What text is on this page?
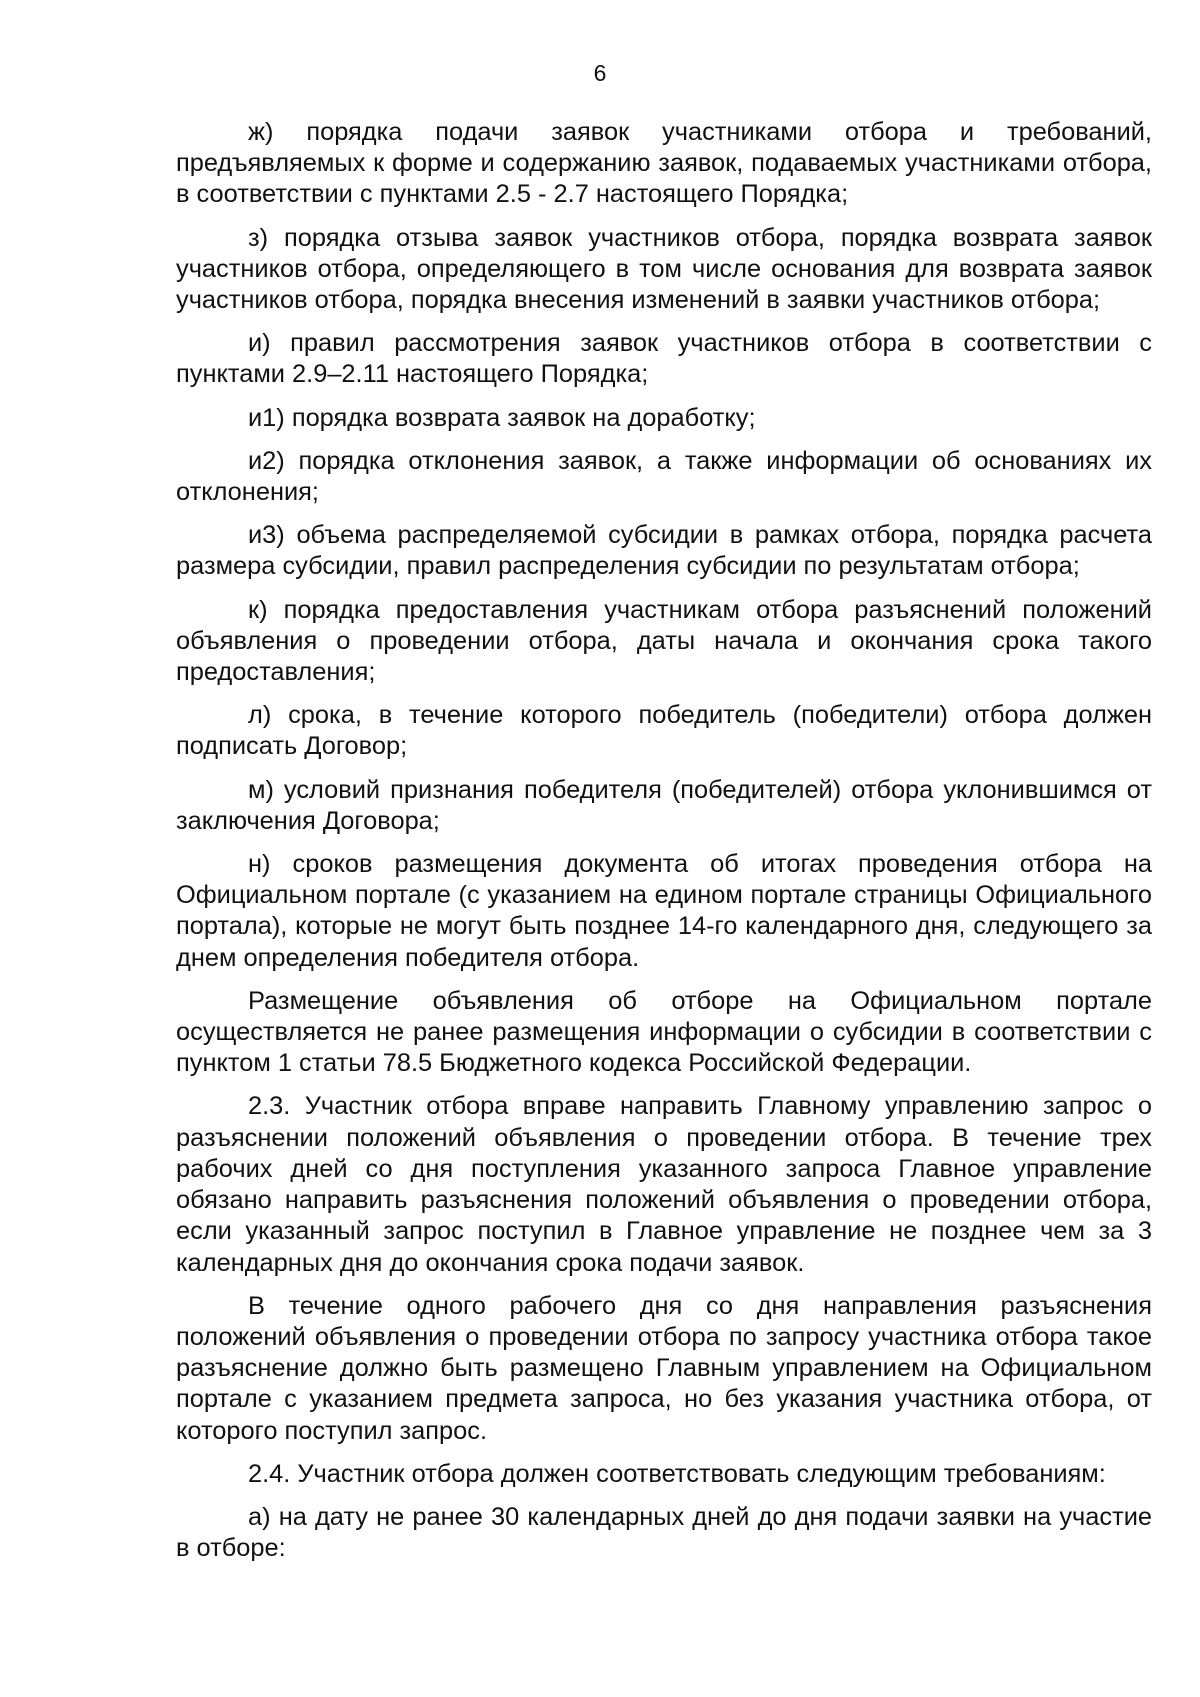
6

ж) порядка подачи заявок участниками отбора и требований, предъявляемых к форме и содержанию заявок, подаваемых участниками отбора, в соответствии с пунктами 2.5 - 2.7 настоящего Порядка;

з) порядка отзыва заявок участников отбора, порядка возврата заявок участников отбора, определяющего в том числе основания для возврата заявок участников отбора, порядка внесения изменений в заявки участников отбора;

и) правил рассмотрения заявок участников отбора в соответствии с пунктами 2.9–2.11 настоящего Порядка;

и1) порядка возврата заявок на доработку;

и2) порядка отклонения заявок, а также информации об основаниях их отклонения;

и3) объема распределяемой субсидии в рамках отбора, порядка расчета размера субсидии, правил распределения субсидии по результатам отбора;

к) порядка предоставления участникам отбора разъяснений положений объявления о проведении отбора, даты начала и окончания срока такого предоставления;

л) срока, в течение которого победитель (победители) отбора должен подписать Договор;

м) условий признания победителя (победителей) отбора уклонившимся от заключения Договора;

н) сроков размещения документа об итогах проведения отбора на Официальном портале (с указанием на едином портале страницы Официального портала), которые не могут быть позднее 14-го календарного дня, следующего за днем определения победителя отбора.

Размещение объявления об отборе на Официальном портале осуществляется не ранее размещения информации о субсидии в соответствии с пунктом 1 статьи 78.5 Бюджетного кодекса Российской Федерации.

2.3. Участник отбора вправе направить Главному управлению запрос о разъяснении положений объявления о проведении отбора. В течение трех рабочих дней со дня поступления указанного запроса Главное управление обязано направить разъяснения положений объявления о проведении отбора, если указанный запрос поступил в Главное управление не позднее чем за 3 календарных дня до окончания срока подачи заявок.

В течение одного рабочего дня со дня направления разъяснения положений объявления о проведении отбора по запросу участника отбора такое разъяснение должно быть размещено Главным управлением на Официальном портале с указанием предмета запроса, но без указания участника отбора, от которого поступил запрос.

2.4. Участник отбора должен соответствовать следующим требованиям:

а) на дату не ранее 30 календарных дней до дня подачи заявки на участие в отборе:
